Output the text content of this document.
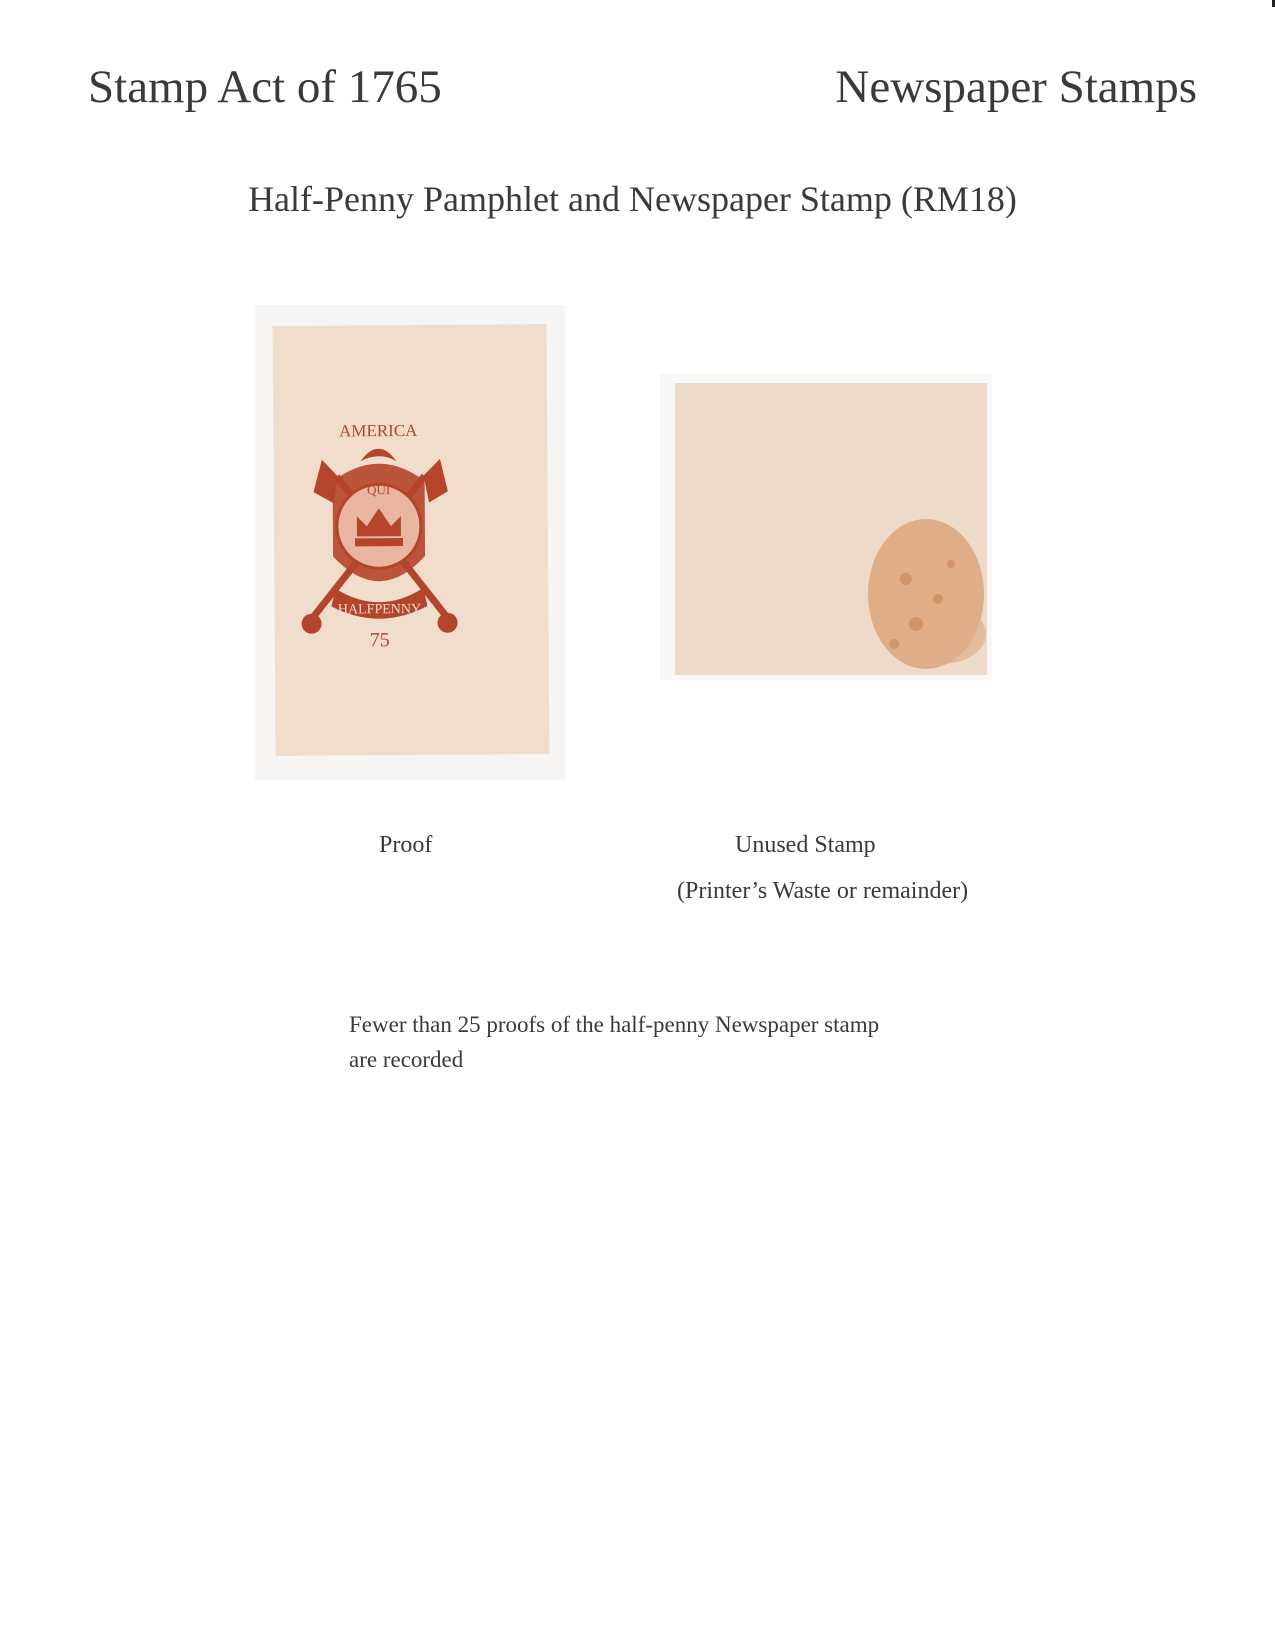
Stamp Act of 1765	Newspaper Stamps
Half-Penny Pamphlet and Newspaper Stamp (RM18)
AMERICA
QUI
HALFPENNY
75
Proof	Unused Stamp
(Printer’s Waste or remainder)
Fewer than 25 proofs of the half-penny Newspaper stamp are recorded
